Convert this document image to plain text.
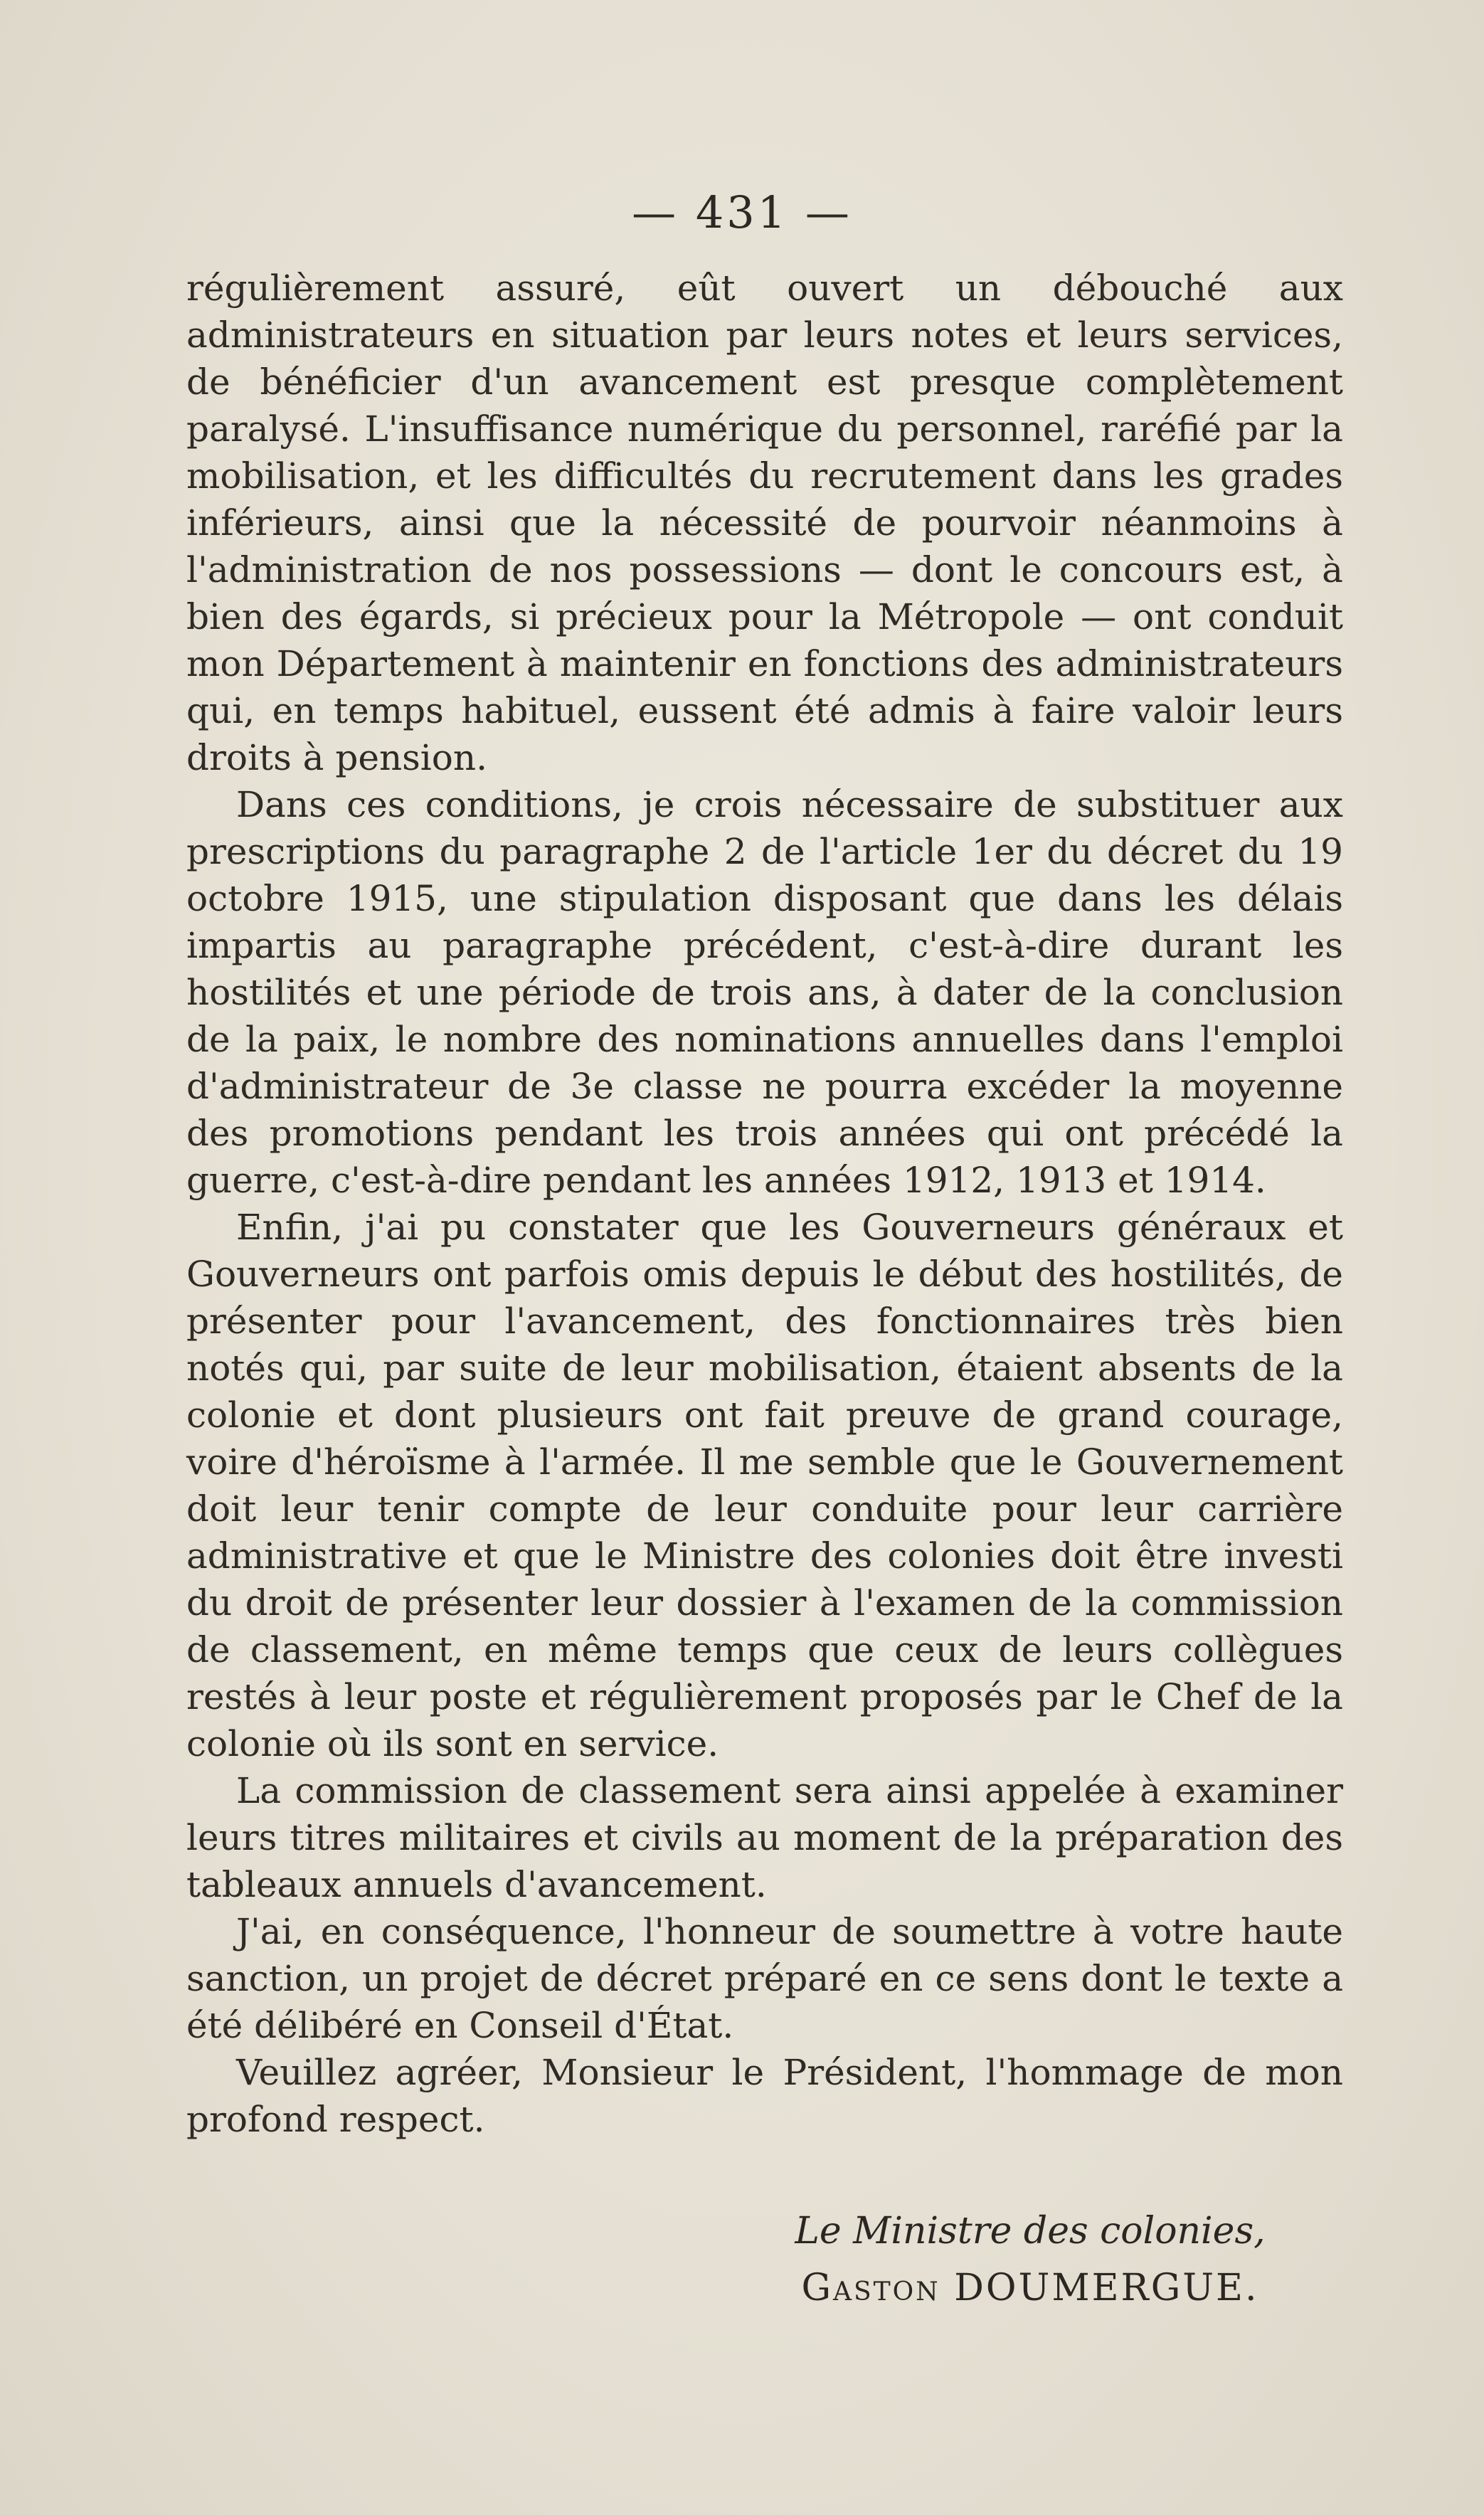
— 431 —

régulièrement assuré, eût ouvert un débouché aux administrateurs en situation par leurs notes et leurs services, de bénéficier d'un avancement est presque complètement paralysé. L'insuffisance numérique du personnel, raréfié par la mobilisation, et les difficultés du recrutement dans les grades inférieurs, ainsi que la nécessité de pourvoir néanmoins à l'administration de nos possessions — dont le concours est, à bien des égards, si précieux pour la Métropole — ont conduit mon Département à maintenir en fonctions des administrateurs qui, en temps habituel, eussent été admis à faire valoir leurs droits à pension.

Dans ces conditions, je crois nécessaire de substituer aux prescriptions du paragraphe 2 de l'article 1er du décret du 19 octobre 1915, une stipulation disposant que dans les délais impartis au paragraphe précédent, c'est-à-dire durant les hostilités et une période de trois ans, à dater de la conclusion de la paix, le nombre des nominations annuelles dans l'emploi d'administrateur de 3e classe ne pourra excéder la moyenne des promotions pendant les trois années qui ont précédé la guerre, c'est-à-dire pendant les années 1912, 1913 et 1914.

Enfin, j'ai pu constater que les Gouverneurs généraux et Gouverneurs ont parfois omis depuis le début des hostilités, de présenter pour l'avancement, des fonctionnaires très bien notés qui, par suite de leur mobilisation, étaient absents de la colonie et dont plusieurs ont fait preuve de grand courage, voire d'héroïsme à l'armée. Il me semble que le Gouvernement doit leur tenir compte de leur conduite pour leur carrière administrative et que le Ministre des colonies doit être investi du droit de présenter leur dossier à l'examen de la commission de classement, en même temps que ceux de leurs collègues restés à leur poste et régulièrement proposés par le Chef de la colonie où ils sont en service.

La commission de classement sera ainsi appelée à examiner leurs titres militaires et civils au moment de la préparation des tableaux annuels d'avancement.

J'ai, en conséquence, l'honneur de soumettre à votre haute sanction, un projet de décret préparé en ce sens dont le texte a été délibéré en Conseil d'État.

Veuillez agréer, Monsieur le Président, l'hommage de mon profond respect.

Le Ministre des colonies,
Gaston DOUMERGUE.
